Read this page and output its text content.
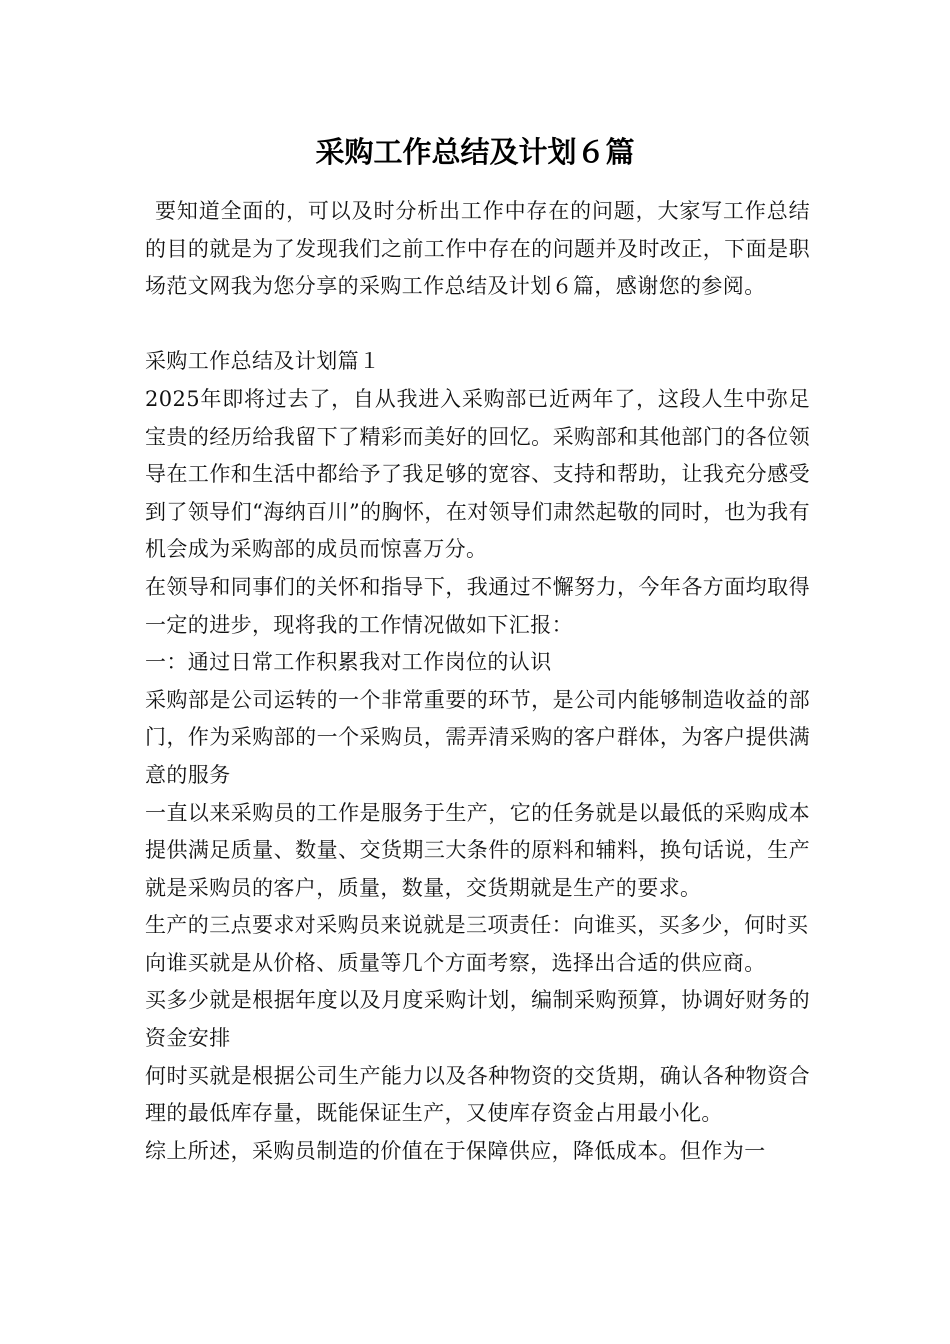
采购工作总结及计划６篇

要知道全面的，可以及时分析出工作中存在的问题，大家写工作总结的目的就是为了发现我们之前工作中存在的问题并及时改正，下面是职场范文网我为您分享的采购工作总结及计划６篇，感谢您的参阅。

采购工作总结及计划篇１

2025年即将过去了，自从我进入采购部已近两年了，这段人生中弥足宝贵的经历给我留下了精彩而美好的回忆。采购部和其他部门的各位领导在工作和生活中都给予了我足够的宽容、支持和帮助，让我充分感受到了领导们“海纳百川”的胸怀，在对领导们肃然起敬的同时，也为我有机会成为采购部的成员而惊喜万分。

在领导和同事们的关怀和指导下，我通过不懈努力，今年各方面均取得一定的进步，现将我的工作情况做如下汇报：

一：通过日常工作积累我对工作岗位的认识

采购部是公司运转的一个非常重要的环节，是公司内能够制造收益的部门，作为采购部的一个采购员，需弄清采购的客户群体，为客户提供满意的服务

一直以来采购员的工作是服务于生产，它的任务就是以最低的采购成本提供满足质量、数量、交货期三大条件的原料和辅料，换句话说，生产就是采购员的客户，质量，数量，交货期就是生产的要求。

生产的三点要求对采购员来说就是三项责任：向谁买，买多少，何时买

向谁买就是从价格、质量等几个方面考察，选择出合适的供应商。

买多少就是根据年度以及月度采购计划，编制采购预算，协调好财务的资金安排

何时买就是根据公司生产能力以及各种物资的交货期，确认各种物资合理的最低库存量，既能保证生产，又使库存资金占用最小化。

综上所述，采购员制造的价值在于保障供应，降低成本。但作为一
